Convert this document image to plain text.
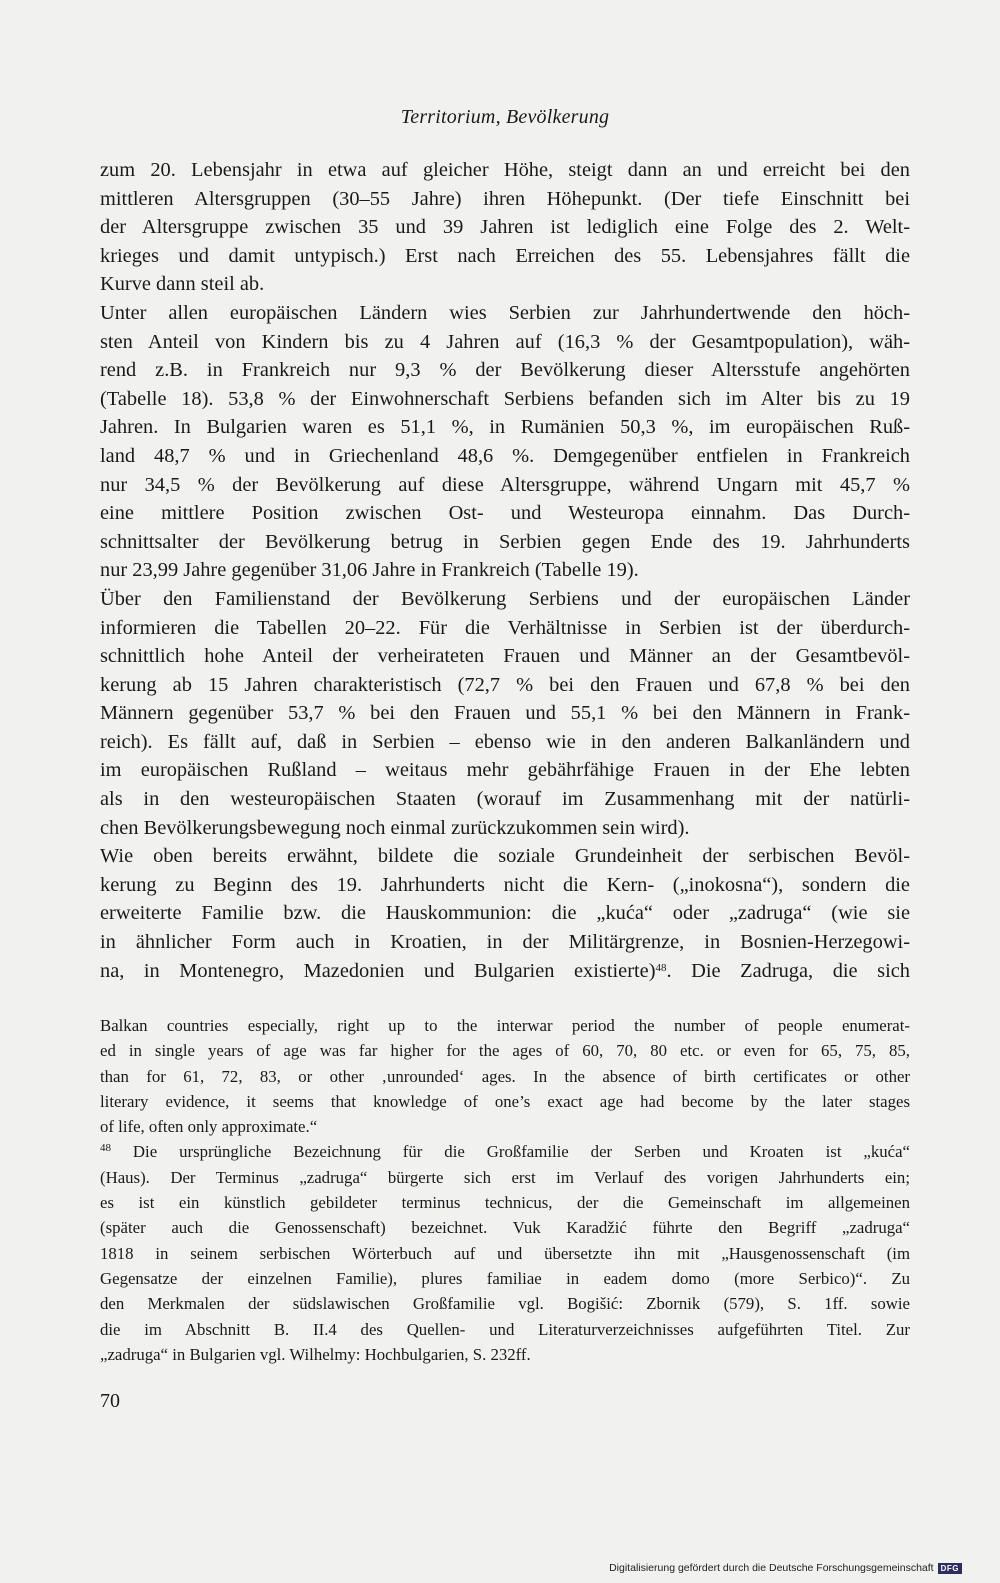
Territorium, Bevölkerung
zum 20. Lebensjahr in etwa auf gleicher Höhe, steigt dann an und erreicht bei den
mittleren Altersgruppen (30–55 Jahre) ihren Höhepunkt. (Der tiefe Einschnitt bei
der Altersgruppe zwischen 35 und 39 Jahren ist lediglich eine Folge des 2. Welt-
krieges und damit untypisch.) Erst nach Erreichen des 55. Lebensjahres fällt die
Kurve dann steil ab.
Unter allen europäischen Ländern wies Serbien zur Jahrhundertwende den höch-
sten Anteil von Kindern bis zu 4 Jahren auf (16,3 % der Gesamtpopulation), wäh-
rend z.B. in Frankreich nur 9,3 % der Bevölkerung dieser Altersstufe angehörten
(Tabelle 18). 53,8 % der Einwohnerschaft Serbiens befanden sich im Alter bis zu 19
Jahren. In Bulgarien waren es 51,1 %, in Rumänien 50,3 %, im europäischen Ruß-
land 48,7 % und in Griechenland 48,6 %. Demgegenüber entfielen in Frankreich
nur 34,5 % der Bevölkerung auf diese Altersgruppe, während Ungarn mit 45,7 %
eine mittlere Position zwischen Ost- und Westeuropa einnahm. Das Durch-
schnittsalter der Bevölkerung betrug in Serbien gegen Ende des 19. Jahrhunderts
nur 23,99 Jahre gegenüber 31,06 Jahre in Frankreich (Tabelle 19).
Über den Familienstand der Bevölkerung Serbiens und der europäischen Länder
informieren die Tabellen 20–22. Für die Verhältnisse in Serbien ist der überdurch-
schnittlich hohe Anteil der verheirateten Frauen und Männer an der Gesamtbevöl-
kerung ab 15 Jahren charakteristisch (72,7 % bei den Frauen und 67,8 % bei den
Männern gegenüber 53,7 % bei den Frauen und 55,1 % bei den Männern in Frank-
reich). Es fällt auf, daß in Serbien – ebenso wie in den anderen Balkanländern und
im europäischen Rußland – weitaus mehr gebährfähige Frauen in der Ehe lebten
als in den westeuropäischen Staaten (worauf im Zusammenhang mit der natürli-
chen Bevölkerungsbewegung noch einmal zurückzukommen sein wird).
Wie oben bereits erwähnt, bildete die soziale Grundeinheit der serbischen Bevöl-
kerung zu Beginn des 19. Jahrhunderts nicht die Kern- („inokosna“), sondern die
erweiterte Familie bzw. die Hauskommunion: die „kuća“ oder „zadruga“ (wie sie
in ähnlicher Form auch in Kroatien, in der Militärgrenze, in Bosnien-Herzegowi-
na, in Montenegro, Mazedonien und Bulgarien existierte)$^{48}$. Die Zadruga, die sich
Balkan countries especially, right up to the interwar period the number of people enumerat-
ed in single years of age was far higher for the ages of 60, 70, 80 etc. or even for 65, 75, 85,
than for 61, 72, 83, or other ‚unrounded‘ ages. In the absence of birth certificates or other
literary evidence, it seems that knowledge of one’s exact age had become by the later stages
of life, often only approximate.“
$^{48}$ Die ursprüngliche Bezeichnung für die Großfamilie der Serben und Kroaten ist „kuća“
(Haus). Der Terminus „zadruga“ bürgerte sich erst im Verlauf des vorigen Jahrhunderts ein;
es ist ein künstlich gebildeter terminus technicus, der die Gemeinschaft im allgemeinen
(später auch die Genossenschaft) bezeichnet. Vuk Karadžić führte den Begriff „zadruga“
1818 in seinem serbischen Wörterbuch auf und übersetzte ihn mit „Hausgenossenschaft (im
Gegensatze der einzelnen Familie), plures familiae in eadem domo (more Serbico)“. Zu
den Merkmalen der südslawischen Großfamilie vgl. Bogišić: Zbornik (579), S. 1ff. sowie
die im Abschnitt B. II.4 des Quellen- und Literaturverzeichnisses aufgeführten Titel. Zur
„zadruga“ in Bulgarien vgl. Wilhelmy: Hochbulgarien, S. 232ff.
70
Digitalisierung gefördert durch die Deutsche Forschungsgemeinschaft DFG
